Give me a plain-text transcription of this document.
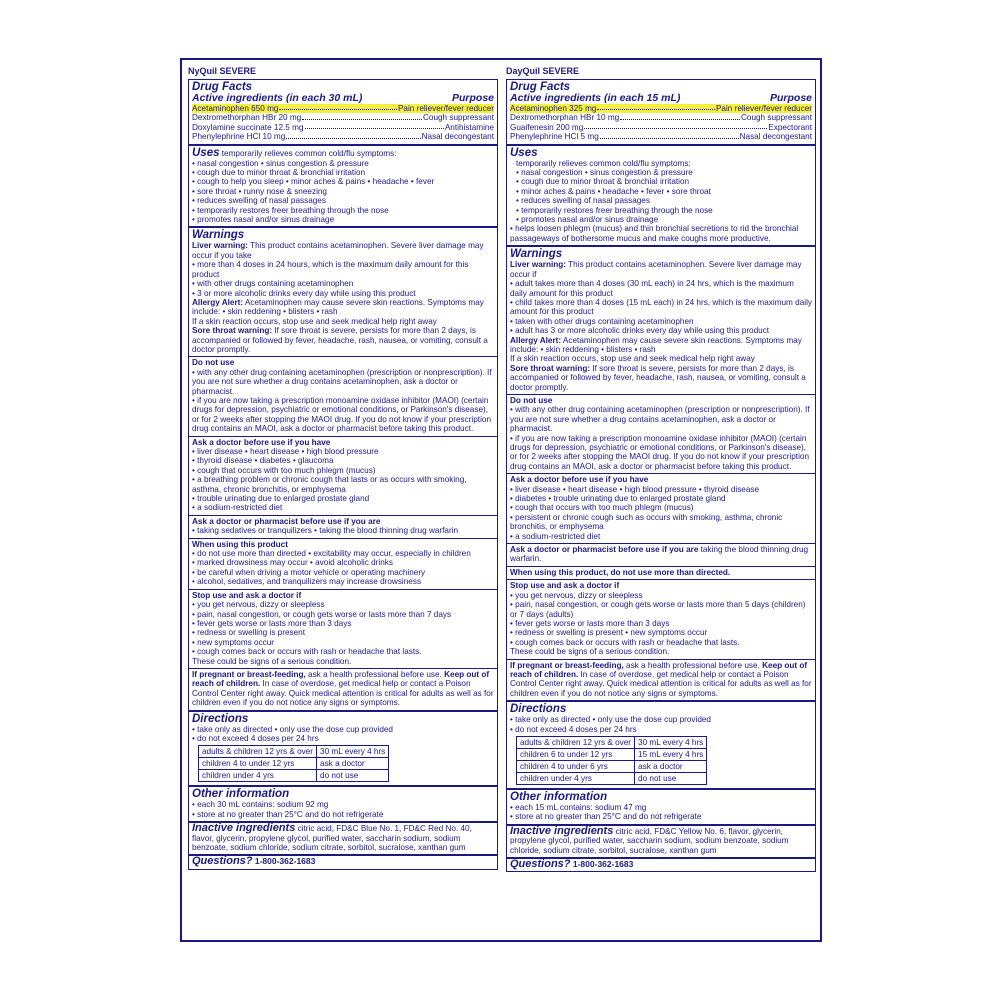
NyQuil SEVERE
Drug Facts
Active ingredients (in each 30 mL)	Purpose
Acetaminophen 650 mg	Pain reliever/fever reducer
Dextromethorphan HBr 20 mg	Cough suppressant
Doxylamine succinate 12.5 mg	Antihistamine
Phenylephrine HCl 10 mg	Nasal decongestant
Uses temporarily relieves common cold/flu symptoms:
• nasal congestion • sinus congestion & pressure
• cough due to minor throat & bronchial irritation
• cough to help you sleep • minor aches & pains • headache • fever
• sore throat • runny nose & sneezing
• reduces swelling of nasal passages
• temporarily restores freer breathing through the nose
• promotes nasal and/or sinus drainage
Warnings
Liver warning: This product contains acetaminophen. Severe liver damage may occur if you take
• more than 4 doses in 24 hours, which is the maximum daily amount for this product
• with other drugs containing acetaminophen
• 3 or more alcoholic drinks every day while using this product
Allergy Alert: Acetaminophen may cause severe skin reactions. Symptoms may include: • skin reddening • blisters • rash
If a skin reaction occurs, stop use and seek medical help right away
Sore throat warning: If sore throat is severe, persists for more than 2 days, is accompanied or followed by fever, headache, rash, nausea, or vomiting, consult a doctor promptly.
Do not use
• with any other drug containing acetaminophen (prescription or nonprescription). If you are not sure whether a drug contains acetaminophen, ask a doctor or pharmacist.
• if you are now taking a prescription monoamine oxidase inhibitor (MAOI) (certain drugs for depression, psychiatric or emotional conditions, or Parkinson's disease), or for 2 weeks after stopping the MAOI drug. If you do not know if your prescription drug contains an MAOI, ask a doctor or pharmacist before taking this product.
Ask a doctor before use if you have
• liver disease • heart disease • high blood pressure
• thyroid disease • diabetes • glaucoma
• cough that occurs with too much phlegm (mucus)
• a breathing problem or chronic cough that lasts or as occurs with smoking, asthma, chronic bronchitis, or emphysema
• trouble urinating due to enlarged prostate gland
• a sodium-restricted diet
Ask a doctor or pharmacist before use if you are
• taking sedatives or tranquilizers • taking the blood thinning drug warfarin
When using this product
• do not use more than directed • excitability may occur, especially in children
• marked drowsiness may occur • avoid alcoholic drinks
• be careful when driving a motor vehicle or operating machinery
• alcohol, sedatives, and tranquilizers may increase drowsiness
Stop use and ask a doctor if
• you get nervous, dizzy or sleepless
• pain, nasal congestion, or cough gets worse or lasts more than 7 days
• fever gets worse or lasts more than 3 days
• redness or swelling is present
• new symptoms occur
• cough comes back or occurs with rash or headache that lasts.
These could be signs of a serious condition.
If pregnant or breast-feeding, ask a health professional before use. Keep out of reach of children. In case of overdose, get medical help or contact a Poison Control Center right away. Quick medical attention is critical for adults as well as for children even if you do not notice any signs or symptoms.
Directions
• take only as directed • only use the dose cup provided
• do not exceed 4 doses per 24 hrs
adults & children 12 yrs & over	30 mL every 4 hrs
children 4 to under 12 yrs	ask a doctor
children under 4 yrs	do not use
Other information
• each 30 mL contains: sodium 92 mg
• store at no greater than 25°C and do not refrigerate
Inactive ingredients citric acid, FD&C Blue No. 1, FD&C Red No. 40, flavor, glycerin, propylene glycol, purified water, saccharin sodium, sodium benzoate, sodium chloride, sodium citrate, sorbitol, sucralose, xanthan gum
Questions? 1-800-362-1683
DayQuil SEVERE
Drug Facts
Active ingredients (in each 15 mL)	Purpose
Acetaminophen 325 mg	Pain reliever/fever reducer
Dextromethorphan HBr 10 mg	Cough suppressant
Guaifenesin 200 mg	Expectorant
Phenylephrine HCl 5 mg	Nasal decongestant
Uses
temporarily relieves common cold/flu symptoms:
• nasal congestion • sinus congestion & pressure
• cough due to minor throat & bronchial irritation
• minor aches & pains • headache • fever • sore throat
• reduces swelling of nasal passages
• temporarily restores freer breathing through the nose
• promotes nasal and/or sinus drainage
• helps loosen phlegm (mucus) and thin bronchial secretions to rid the bronchial passageways of bothersome mucus and make coughs more productive.
Warnings
Liver warning: This product contains acetaminophen. Severe liver damage may occur if
• adult takes more than 4 doses (30 mL each) in 24 hrs, which is the maximum daily amount for this product
• child takes more than 4 doses (15 mL each) in 24 hrs, which is the maximum daily amount for this product
• taken with other drugs containing acetaminophen
• adult has 3 or more alcoholic drinks every day while using this product
Allergy Alert: Acetaminophen may cause severe skin reactions. Symptoms may include: • skin reddening • blisters • rash
If a skin reaction occurs, stop use and seek medical help right away
Sore throat warning: If sore throat is severe, persists for more than 2 days, is accompanied or followed by fever, headache, rash, nausea, or vomiting, consult a doctor promptly.
Do not use
• with any other drug containing acetaminophen (prescription or nonprescription). If you are not sure whether a drug contains acetaminophen, ask a doctor or pharmacist.
• if you are now taking a prescription monoamine oxidase inhibitor (MAOI) (certain drugs for depression, psychiatric or emotional conditions, or Parkinson's disease), or for 2 weeks after stopping the MAOI drug. If you do not know if your prescription drug contains an MAOI, ask a doctor or pharmacist before taking this product.
Ask a doctor before use if you have
• liver disease • heart disease • high blood pressure • thyroid disease
• diabetes • trouble urinating due to enlarged prostate gland
• cough that occurs with too much phlegm (mucus)
• persistent or chronic cough such as occurs with smoking, asthma, chronic bronchitis, or emphysema
• a sodium-restricted diet
Ask a doctor or pharmacist before use if you are taking the blood thinning drug warfarin.
When using this product, do not use more than directed.
Stop use and ask a doctor if
• you get nervous, dizzy or sleepless
• pain, nasal congestion, or cough gets worse or lasts more than 5 days (children) or 7 days (adults)
• fever gets worse or lasts more than 3 days
• redness or swelling is present • new symptoms occur
• cough comes back or occurs with rash or headache that lasts.
These could be signs of a serious condition.
If pregnant or breast-feeding, ask a health professional before use. Keep out of reach of children. In case of overdose, get medical help or contact a Poison Control Center right away. Quick medical attention is critical for adults as well as for children even if you do not notice any signs or symptoms.
Directions
• take only as directed • only use the dose cup provided
• do not exceed 4 doses per 24 hrs
adults & children 12 yrs & over	30 mL every 4 hrs
children 6 to under 12 yrs	15 mL every 4 hrs
children 4 to under 6 yrs	ask a doctor
children under 4 yrs	do not use
Other information
• each 15 mL contains: sodium 47 mg
• store at no greater than 25°C and do not refrigerate
Inactive ingredients citric acid, FD&C Yellow No. 6, flavor, glycerin, propylene glycol, purified water, saccharin sodium, sodium benzoate, sodium chloride, sodium citrate, sorbitol, sucralose, xanthan gum
Questions? 1-800-362-1683
